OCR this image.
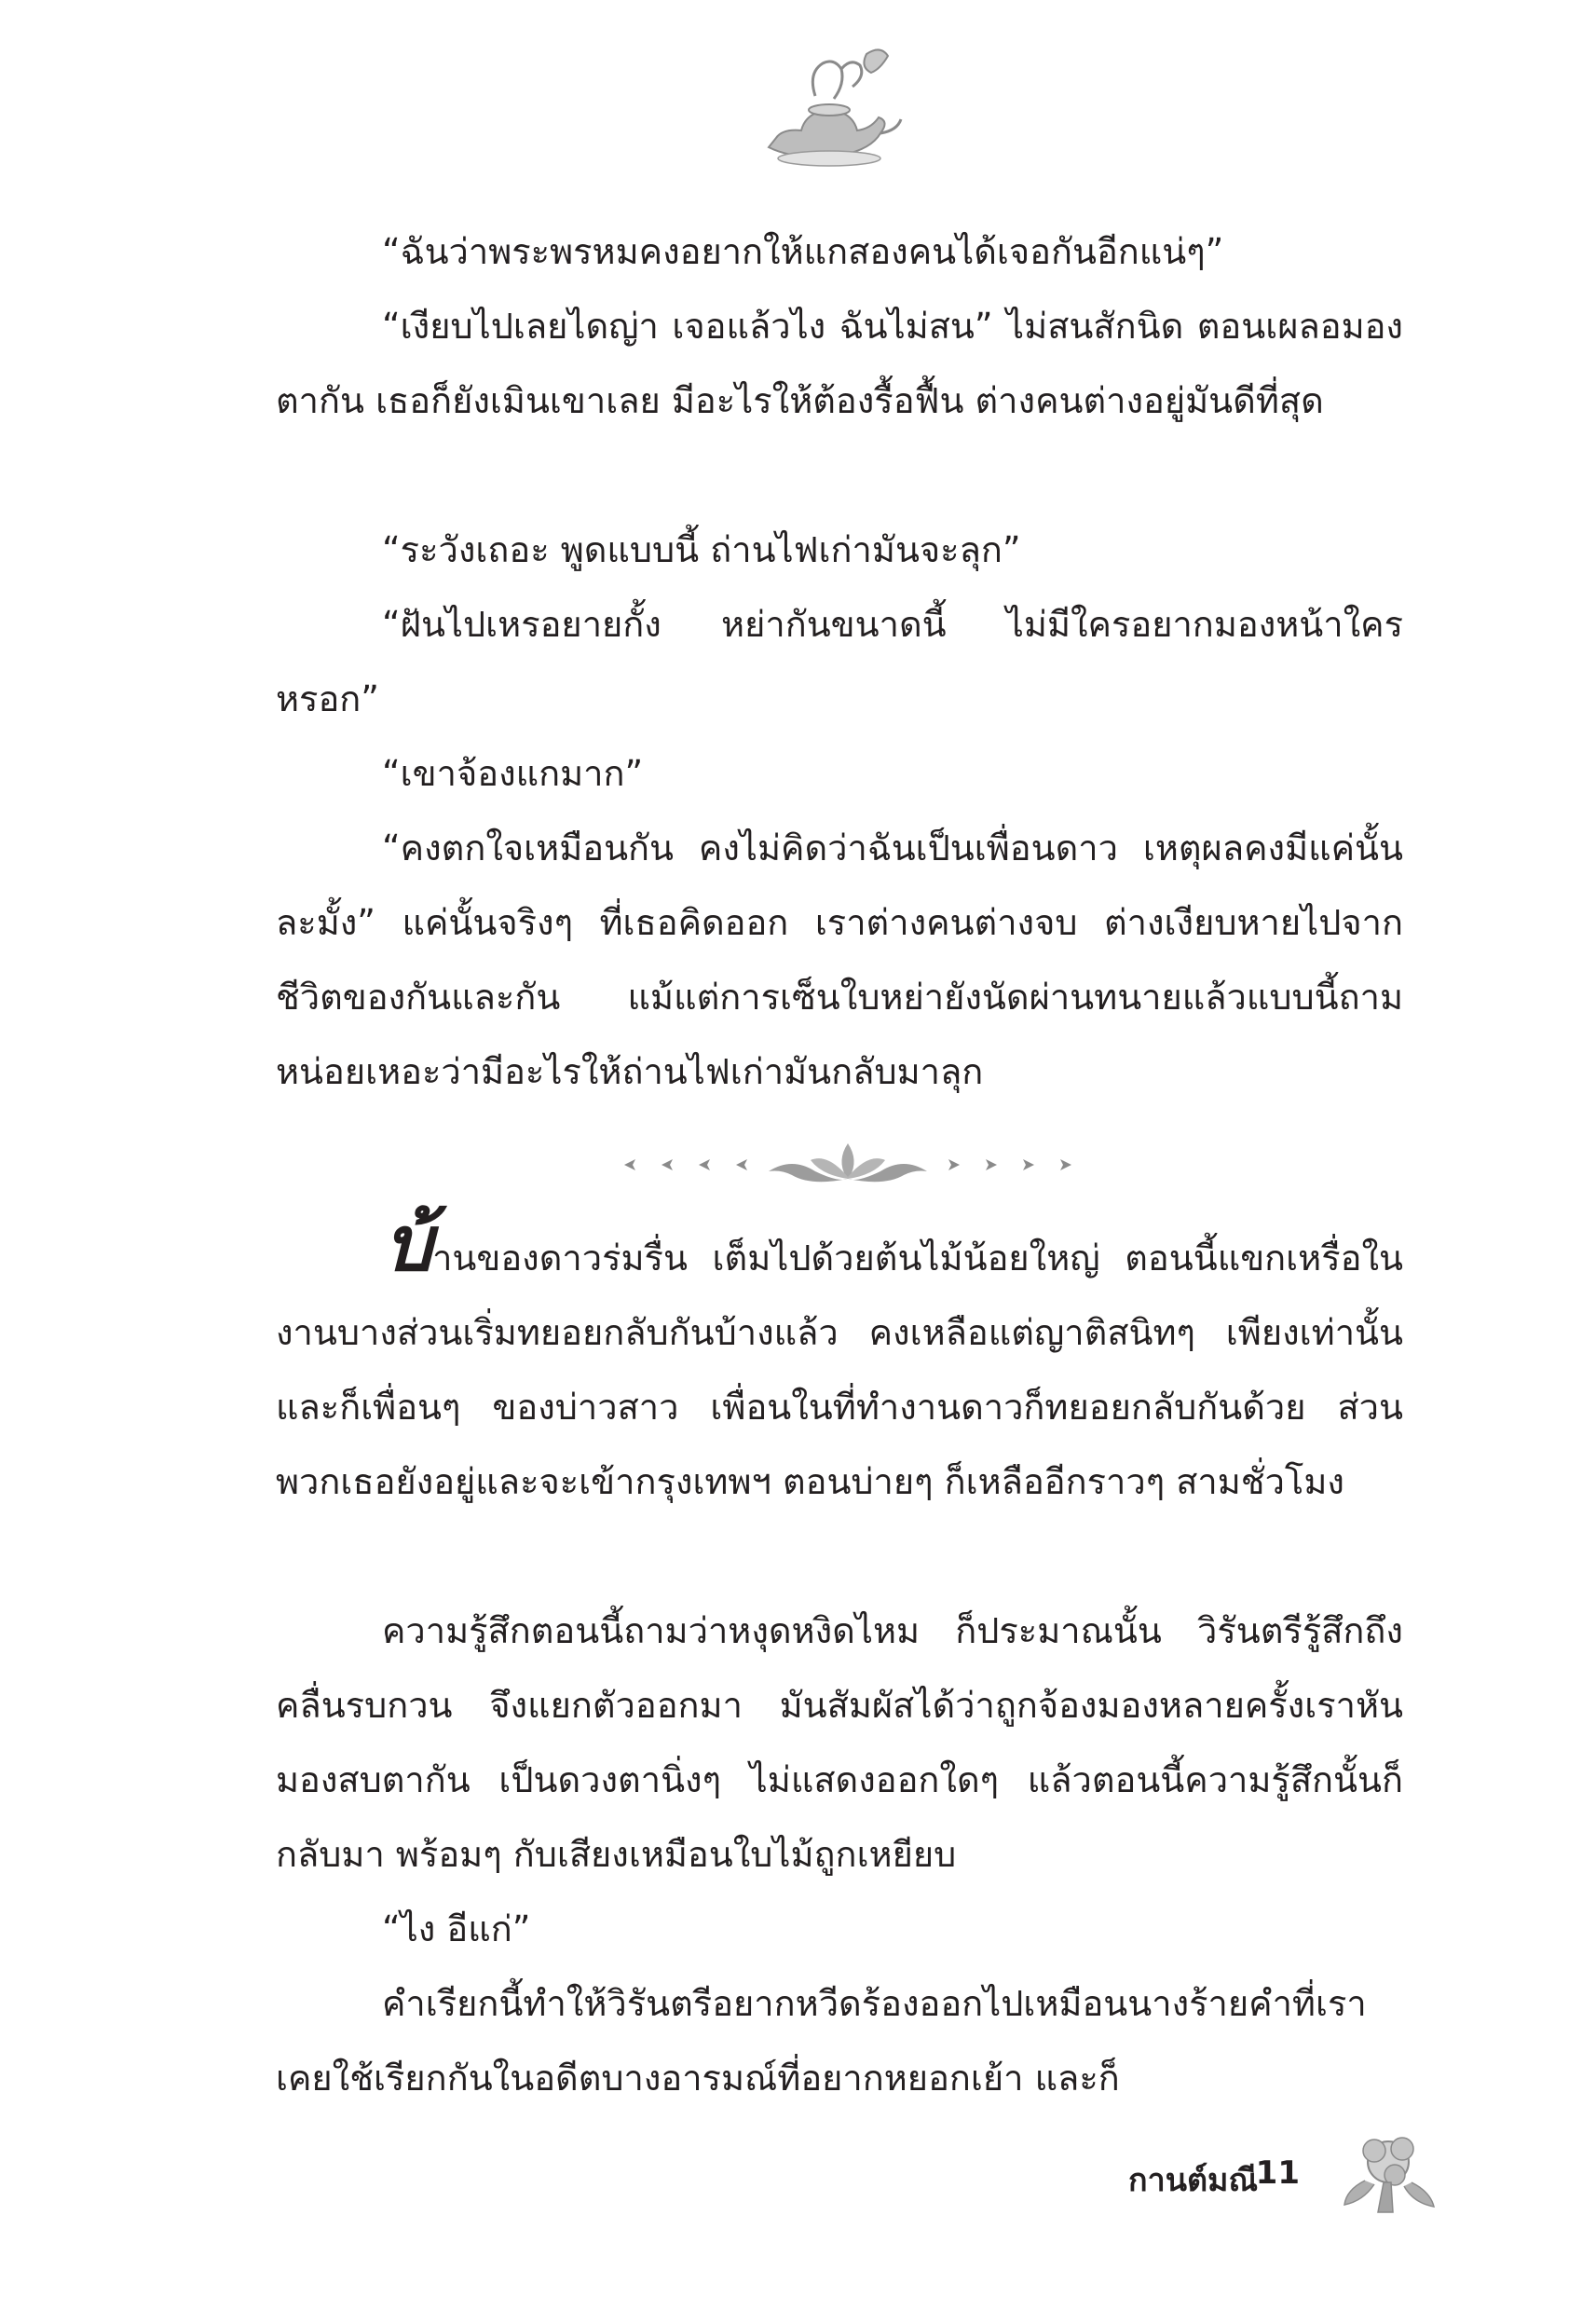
“ฉันว่าพระพรหมคงอยากให้แกสองคนได้เจอกันอีกแน่ๆ”

“เงียบไปเลยไดญ่า เจอแล้วไง ฉันไม่สน” ไม่สนสักนิด ตอนเผลอมองตากัน เธอก็ยังเมินเขาเลย มีอะไรให้ต้องรื้อฟื้น ต่างคนต่างอยู่มันดีที่สุด

“ระวังเถอะ พูดแบบนี้ ถ่านไฟเก่ามันจะลุก”

“ฝันไปเหรอยายกั้ง หย่ากันขนาดนี้ ไม่มีใครอยากมองหน้าใครหรอก”

“เขาจ้องแกมาก”

“คงตกใจเหมือนกัน คงไม่คิดว่าฉันเป็นเพื่อนดาว เหตุผลคงมีแค่นั้นละมั้ง” แค่นั้นจริงๆ ที่เธอคิดออก เราต่างคนต่างจบ ต่างเงียบหายไปจากชีวิตของกันและกัน แม้แต่การเซ็นใบหย่ายังนัดผ่านทนายแล้วแบบนี้ถามหน่อยเหอะว่ามีอะไรให้ถ่านไฟเก่ามันกลับมาลุก

บ้านของดาวร่มรื่น เต็มไปด้วยต้นไม้น้อยใหญ่ ตอนนี้แขกเหรื่อในงานบางส่วนเริ่มทยอยกลับกันบ้างแล้ว คงเหลือแต่ญาติสนิทๆ เพียงเท่านั้นและก็เพื่อนๆ ของบ่าวสาว เพื่อนในที่ทำงานดาวก็ทยอยกลับกันด้วย ส่วนพวกเธอยังอยู่และจะเข้ากรุงเทพฯ ตอนบ่ายๆ ก็เหลืออีกราวๆ สามชั่วโมง

ความรู้สึกตอนนี้ถามว่าหงุดหงิดไหม ก็ประมาณนั้น วิรันตรีรู้สึกถึงคลื่นรบกวน จึงแยกตัวออกมา มันสัมผัสได้ว่าถูกจ้องมองหลายครั้งเราหันมองสบตากัน เป็นดวงตานิ่งๆ ไม่แสดงออกใดๆ แล้วตอนนี้ความรู้สึกนั้นก็กลับมา พร้อมๆ กับเสียงเหมือนใบไม้ถูกเหยียบ

“ไง อีแก่”

คำเรียกนี้ทำให้วิรันตรีอยากหวีดร้องออกไปเหมือนนางร้ายคำที่เราเคยใช้เรียกกันในอดีตบางอารมณ์ที่อยากหยอกเย้า และก็

กานต์มณี
11
